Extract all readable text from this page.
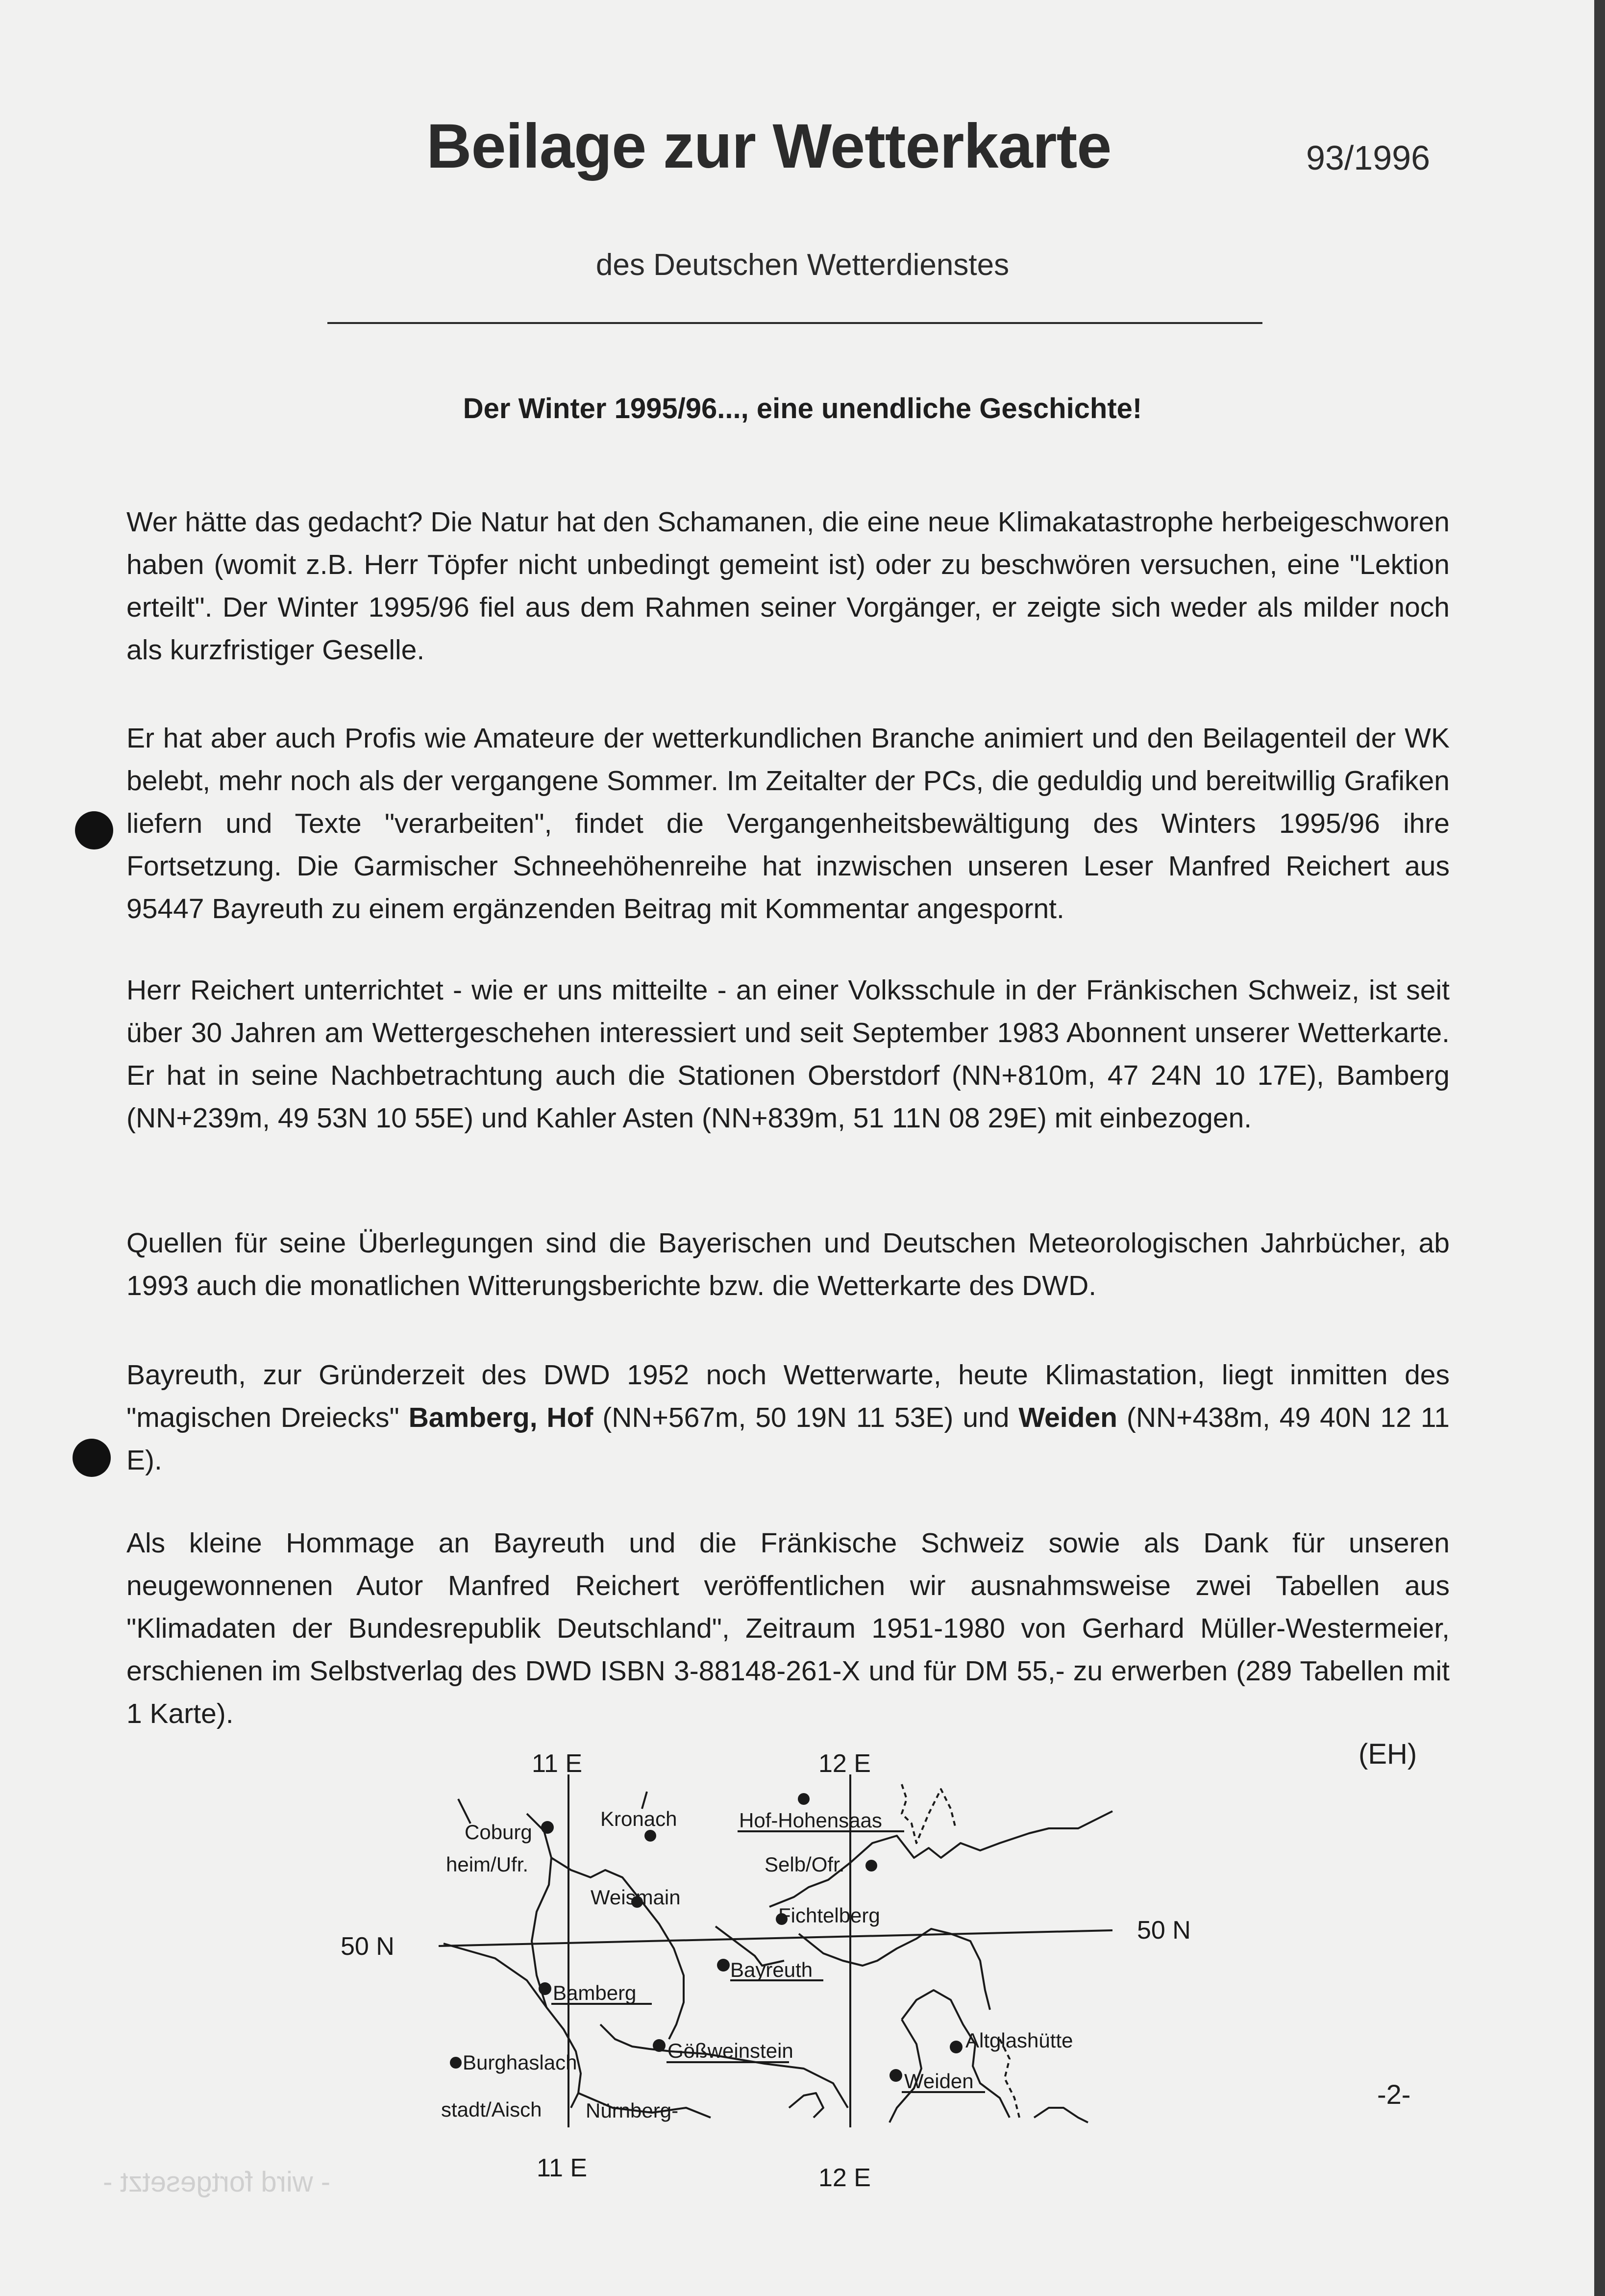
Beilage zur Wetterkarte	93/1996
des Deutschen Wetterdienstes
Der Winter 1995/96..., eine unendliche Geschichte!
Wer hätte das gedacht? Die Natur hat den Schamanen, die eine neue Klimakatastrophe herbeigeschworen haben (womit z.B. Herr Töpfer nicht unbedingt gemeint ist) oder zu beschwören versuchen, eine "Lektion erteilt". Der Winter 1995/96 fiel aus dem Rahmen seiner Vorgänger, er zeigte sich weder als milder noch als kurzfristiger Geselle.
Er hat aber auch Profis wie Amateure der wetterkundlichen Branche animiert und den Beilagenteil der WK belebt, mehr noch als der vergangene Sommer. Im Zeitalter der PCs, die geduldig und bereitwillig Grafiken liefern und Texte "verarbeiten", findet die Vergangenheitsbewältigung des Winters 1995/96 ihre Fortsetzung. Die Garmischer Schneehöhenreihe hat inzwischen unseren Leser Manfred Reichert aus 95447 Bayreuth zu einem ergänzenden Beitrag mit Kommentar angespornt.
Herr Reichert unterrichtet - wie er uns mitteilte - an einer Volksschule in der Fränkischen Schweiz, ist seit über 30 Jahren am Wettergeschehen interessiert und seit September 1983 Abonnent unserer Wetterkarte. Er hat in seine Nachbetrachtung auch die Stationen Oberstdorf (NN+810m, 47 24N 10 17E), Bamberg (NN+239m, 49 53N 10 55E) und Kahler Asten (NN+839m, 51 11N 08 29E) mit einbezogen.
Quellen für seine Überlegungen sind die Bayerischen und Deutschen Meteorologischen Jahrbücher, ab 1993 auch die monatlichen Witterungsberichte bzw. die Wetterkarte des DWD.
Bayreuth, zur Gründerzeit des DWD 1952 noch Wetterwarte, heute Klimastation, liegt inmitten des "magischen Dreiecks" Bamberg, Hof (NN+567m, 50 19N 11 53E) und Weiden (NN+438m, 49 40N 12 11 E).
Als kleine Hommage an Bayreuth und die Fränkische Schweiz sowie als Dank für unseren neugewonnenen Autor Manfred Reichert veröffentlichen wir ausnahmsweise zwei Tabellen aus "Klimadaten der Bundesrepublik Deutschland", Zeitraum 1951-1980 von Gerhard Müller-Westermeier, erschienen im Selbstverlag des DWD ISBN 3-88148-261-X und für DM 55,- zu erwerben (289 Tabellen mit 1 Karte).
(EH)
-2-
- wird fortgesetzt -
11 E	12 E
11 E	12 E
50 N
50 N
Coburg
heim/Ufr.
Kronach	Hof-Hohensaas
Selb/Ofr.
Weismain
Fichtelberg
Bayreuth
Bamberg
Gößweinstein	Altglashütte
Weiden
Burghaslach
stadt/Aisch Nürnberg-
